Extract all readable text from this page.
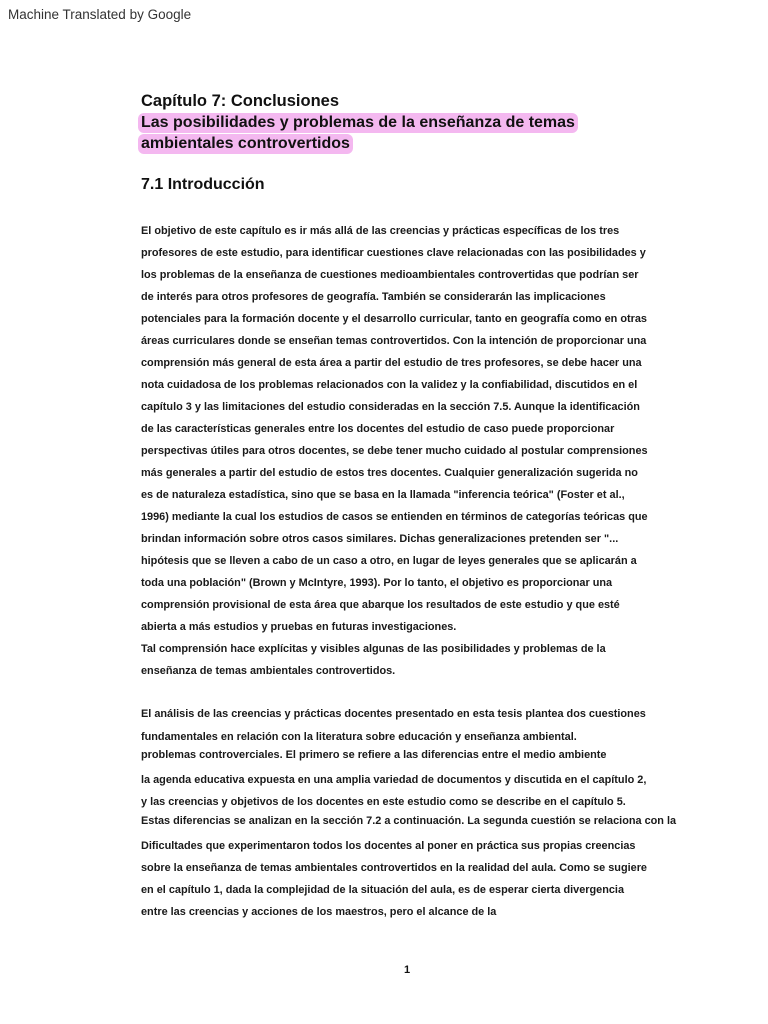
Machine Translated by Google
Capítulo 7: Conclusiones
Las posibilidades y problemas de la enseñanza de temas
ambientales controvertidos
7.1 Introducción
El objetivo de este capítulo es ir más allá de las creencias y prácticas específicas de los tres
profesores de este estudio, para identificar cuestiones clave relacionadas con las posibilidades y
los problemas de la enseñanza de cuestiones medioambientales controvertidas que podrían ser
de interés para otros profesores de geografía. También se considerarán las implicaciones
potenciales para la formación docente y el desarrollo curricular, tanto en geografía como en otras
áreas curriculares donde se enseñan temas controvertidos. Con la intención de proporcionar una
comprensión más general de esta área a partir del estudio de tres profesores, se debe hacer una
nota cuidadosa de los problemas relacionados con la validez y la confiabilidad, discutidos en el
capítulo 3 y las limitaciones del estudio consideradas en la sección 7.5. Aunque la identificación
de las características generales entre los docentes del estudio de caso puede proporcionar
perspectivas útiles para otros docentes, se debe tener mucho cuidado al postular comprensiones
más generales a partir del estudio de estos tres docentes. Cualquier generalización sugerida no
es de naturaleza estadística, sino que se basa en la llamada "inferencia teórica" (Foster et al.,
1996) mediante la cual los estudios de casos se entienden en términos de categorías teóricas que
brindan información sobre otros casos similares. Dichas generalizaciones pretenden ser "...
hipótesis que se lleven a cabo de un caso a otro, en lugar de leyes generales que se aplicarán a
toda una población" (Brown y McIntyre, 1993). Por lo tanto, el objetivo es proporcionar una
comprensión provisional de esta área que abarque los resultados de este estudio y que esté
abierta a más estudios y pruebas en futuras investigaciones.
Tal comprensión hace explícitas y visibles algunas de las posibilidades y problemas de la
enseñanza de temas ambientales controvertidos.
El análisis de las creencias y prácticas docentes presentado en esta tesis plantea dos cuestiones
fundamentales en relación con la literatura sobre educación y enseñanza ambiental.
problemas controverciales. El primero se refiere a las diferencias entre el medio ambiente
la agenda educativa expuesta en una amplia variedad de documentos y discutida en el capítulo 2,
y las creencias y objetivos de los docentes en este estudio como se describe en el capítulo 5.
Estas diferencias se analizan en la sección 7.2 a continuación. La segunda cuestión se relaciona con la
Dificultades que experimentaron todos los docentes al poner en práctica sus propias creencias
sobre la enseñanza de temas ambientales controvertidos en la realidad del aula. Como se sugiere
en el capítulo 1, dada la complejidad de la situación del aula, es de esperar cierta divergencia
entre las creencias y acciones de los maestros, pero el alcance de la
1
